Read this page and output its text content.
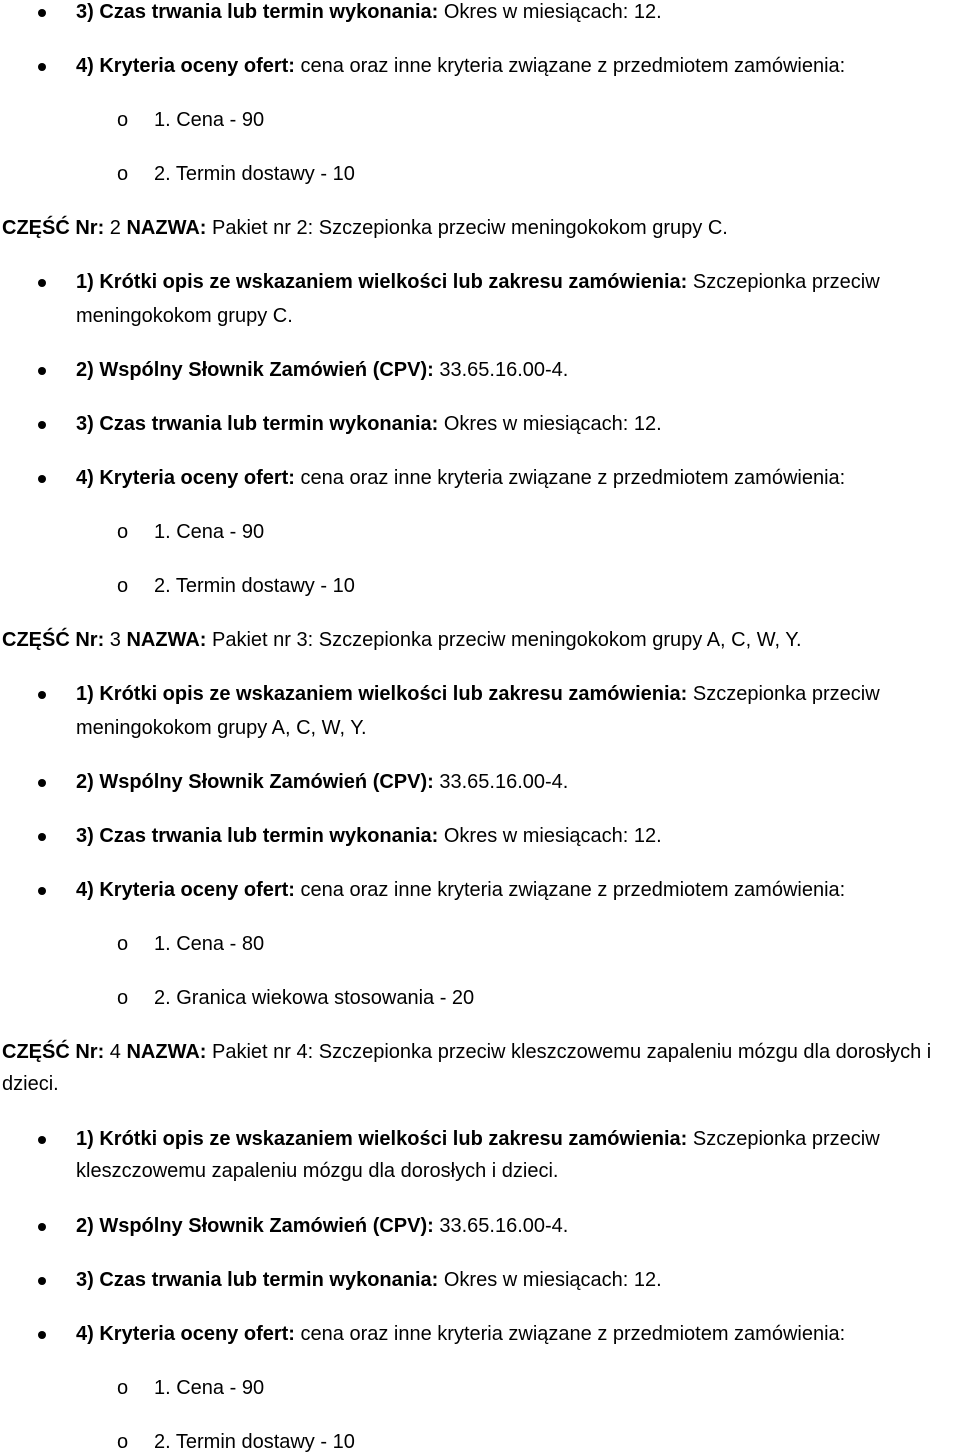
3) Czas trwania lub termin wykonania: Okres w miesiącach: 12.
4) Kryteria oceny ofert: cena oraz inne kryteria związane z przedmiotem zamówienia:
o 1. Cena - 90
o 2. Termin dostawy - 10
CZĘŚĆ Nr: 2 NAZWA: Pakiet nr 2: Szczepionka przeciw meningokokom grupy C.
1) Krótki opis ze wskazaniem wielkości lub zakresu zamówienia: Szczepionka przeciw
meningokokom grupy C.
2) Wspólny Słownik Zamówień (CPV): 33.65.16.00-4.
3) Czas trwania lub termin wykonania: Okres w miesiącach: 12.
4) Kryteria oceny ofert: cena oraz inne kryteria związane z przedmiotem zamówienia:
o 1. Cena - 90
o 2. Termin dostawy - 10
CZĘŚĆ Nr: 3 NAZWA: Pakiet nr 3: Szczepionka przeciw meningokokom grupy A, C, W, Y.
1) Krótki opis ze wskazaniem wielkości lub zakresu zamówienia: Szczepionka przeciw
meningokokom grupy A, C, W, Y.
2) Wspólny Słownik Zamówień (CPV): 33.65.16.00-4.
3) Czas trwania lub termin wykonania: Okres w miesiącach: 12.
4) Kryteria oceny ofert: cena oraz inne kryteria związane z przedmiotem zamówienia:
o 1. Cena - 80
o 2. Granica wiekowa stosowania - 20
CZĘŚĆ Nr: 4 NAZWA: Pakiet nr 4: Szczepionka przeciw kleszczowemu zapaleniu mózgu dla dorosłych i
dzieci.
1) Krótki opis ze wskazaniem wielkości lub zakresu zamówienia: Szczepionka przeciw
kleszczowemu zapaleniu mózgu dla dorosłych i dzieci.
2) Wspólny Słownik Zamówień (CPV): 33.65.16.00-4.
3) Czas trwania lub termin wykonania: Okres w miesiącach: 12.
4) Kryteria oceny ofert: cena oraz inne kryteria związane z przedmiotem zamówienia:
o 1. Cena - 90
o 2. Termin dostawy - 10
